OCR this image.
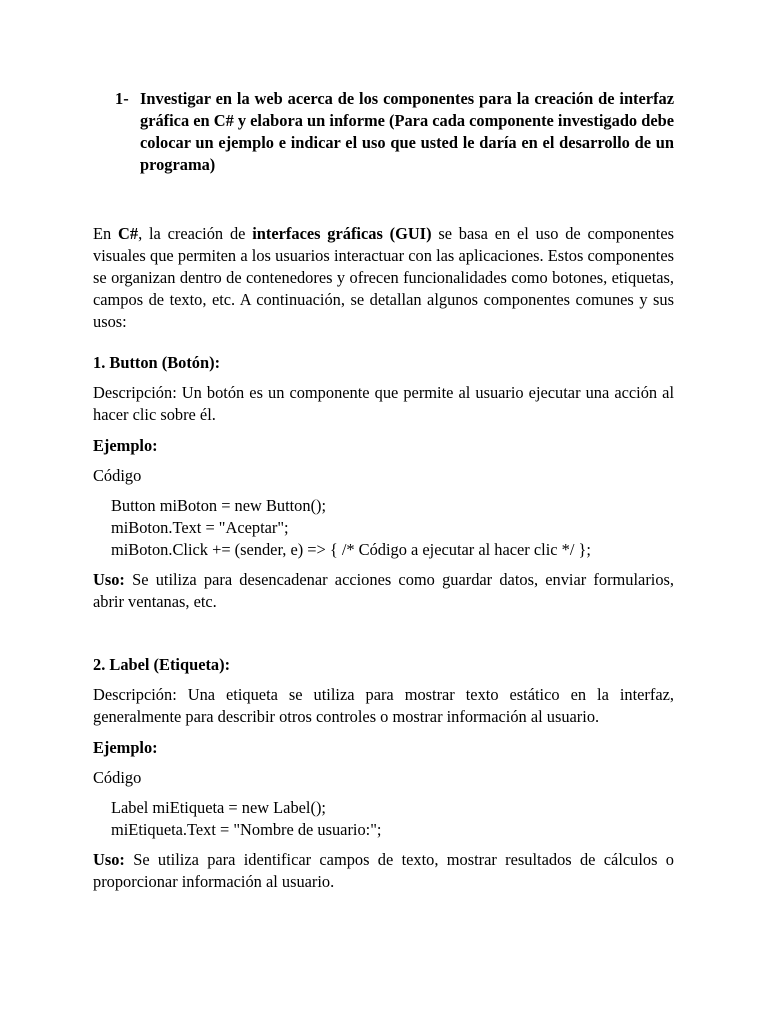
1- Investigar en la web acerca de los componentes para la creación de interfaz gráfica en C# y elabora un informe (Para cada componente investigado debe colocar un ejemplo e indicar el uso que usted le daría en el desarrollo de un programa)
En C#, la creación de interfaces gráficas (GUI) se basa en el uso de componentes visuales que permiten a los usuarios interactuar con las aplicaciones. Estos componentes se organizan dentro de contenedores y ofrecen funcionalidades como botones, etiquetas, campos de texto, etc. A continuación, se detallan algunos componentes comunes y sus usos:
1. Button (Botón):
Descripción: Un botón es un componente que permite al usuario ejecutar una acción al hacer clic sobre él.
Ejemplo:
Código
Button miBoton = new Button();
miBoton.Text = "Aceptar";
miBoton.Click += (sender, e) => { /* Código a ejecutar al hacer clic */ };
Uso: Se utiliza para desencadenar acciones como guardar datos, enviar formularios, abrir ventanas, etc.
2. Label (Etiqueta):
Descripción: Una etiqueta se utiliza para mostrar texto estático en la interfaz, generalmente para describir otros controles o mostrar información al usuario.
Ejemplo:
Código
Label miEtiqueta = new Label();
miEtiqueta.Text = "Nombre de usuario:";
Uso: Se utiliza para identificar campos de texto, mostrar resultados de cálculos o proporcionar información al usuario.
